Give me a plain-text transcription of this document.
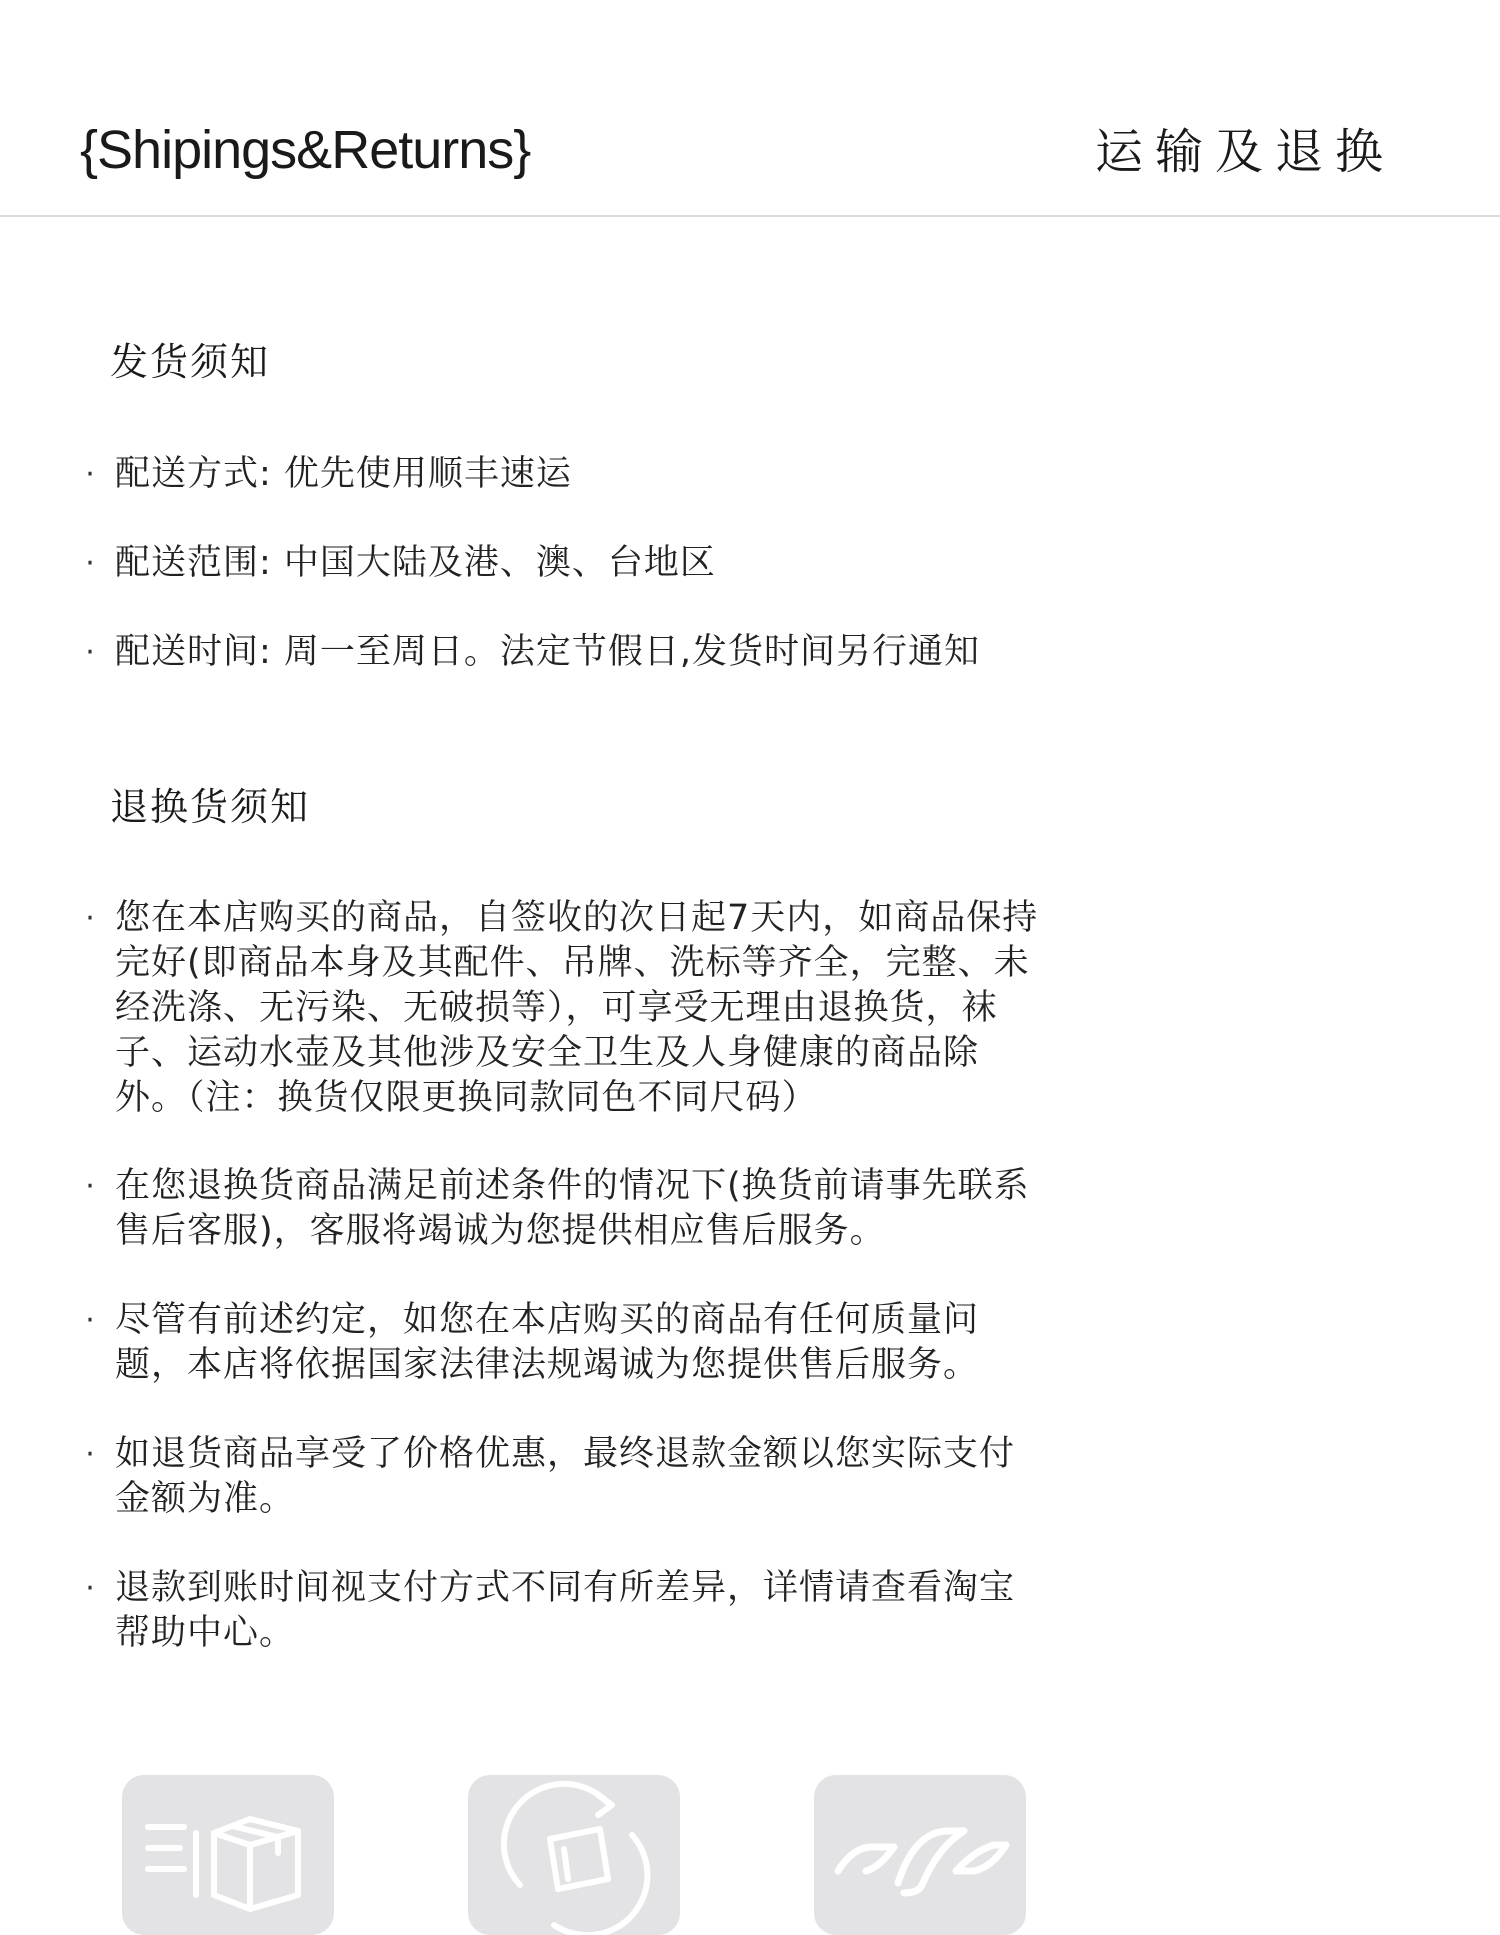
{Shipings&Returns}	运输及退换
发货须知
· 配送方式: 优先使用顺丰速运
· 配送范围: 中国大陆及港、澳、台地区
· 配送时间: 周一至周日。法定节假日,发货时间另行通知
退换货须知
· 您在本店购买的商品，自签收的次日起7天内，如商品保持完好(即商品本身及其配件、吊牌、洗标等齐全，完整、未经洗涤、无污染、无破损等），可享受无理由退换货，袜子、运动水壶及其他涉及安全卫生及人身健康的商品除外。（注：换货仅限更换同款同色不同尺码）
· 在您退换货商品满足前述条件的情况下(换货前请事先联系售后客服)，客服将竭诚为您提供相应售后服务。
· 尽管有前述约定，如您在本店购买的商品有任何质量问题，本店将依据国家法律法规竭诚为您提供售后服务。
· 如退货商品享受了价格优惠，最终退款金额以您实际支付金额为准。
· 退款到账时间视支付方式不同有所差异，详情请查看淘宝帮助中心。
